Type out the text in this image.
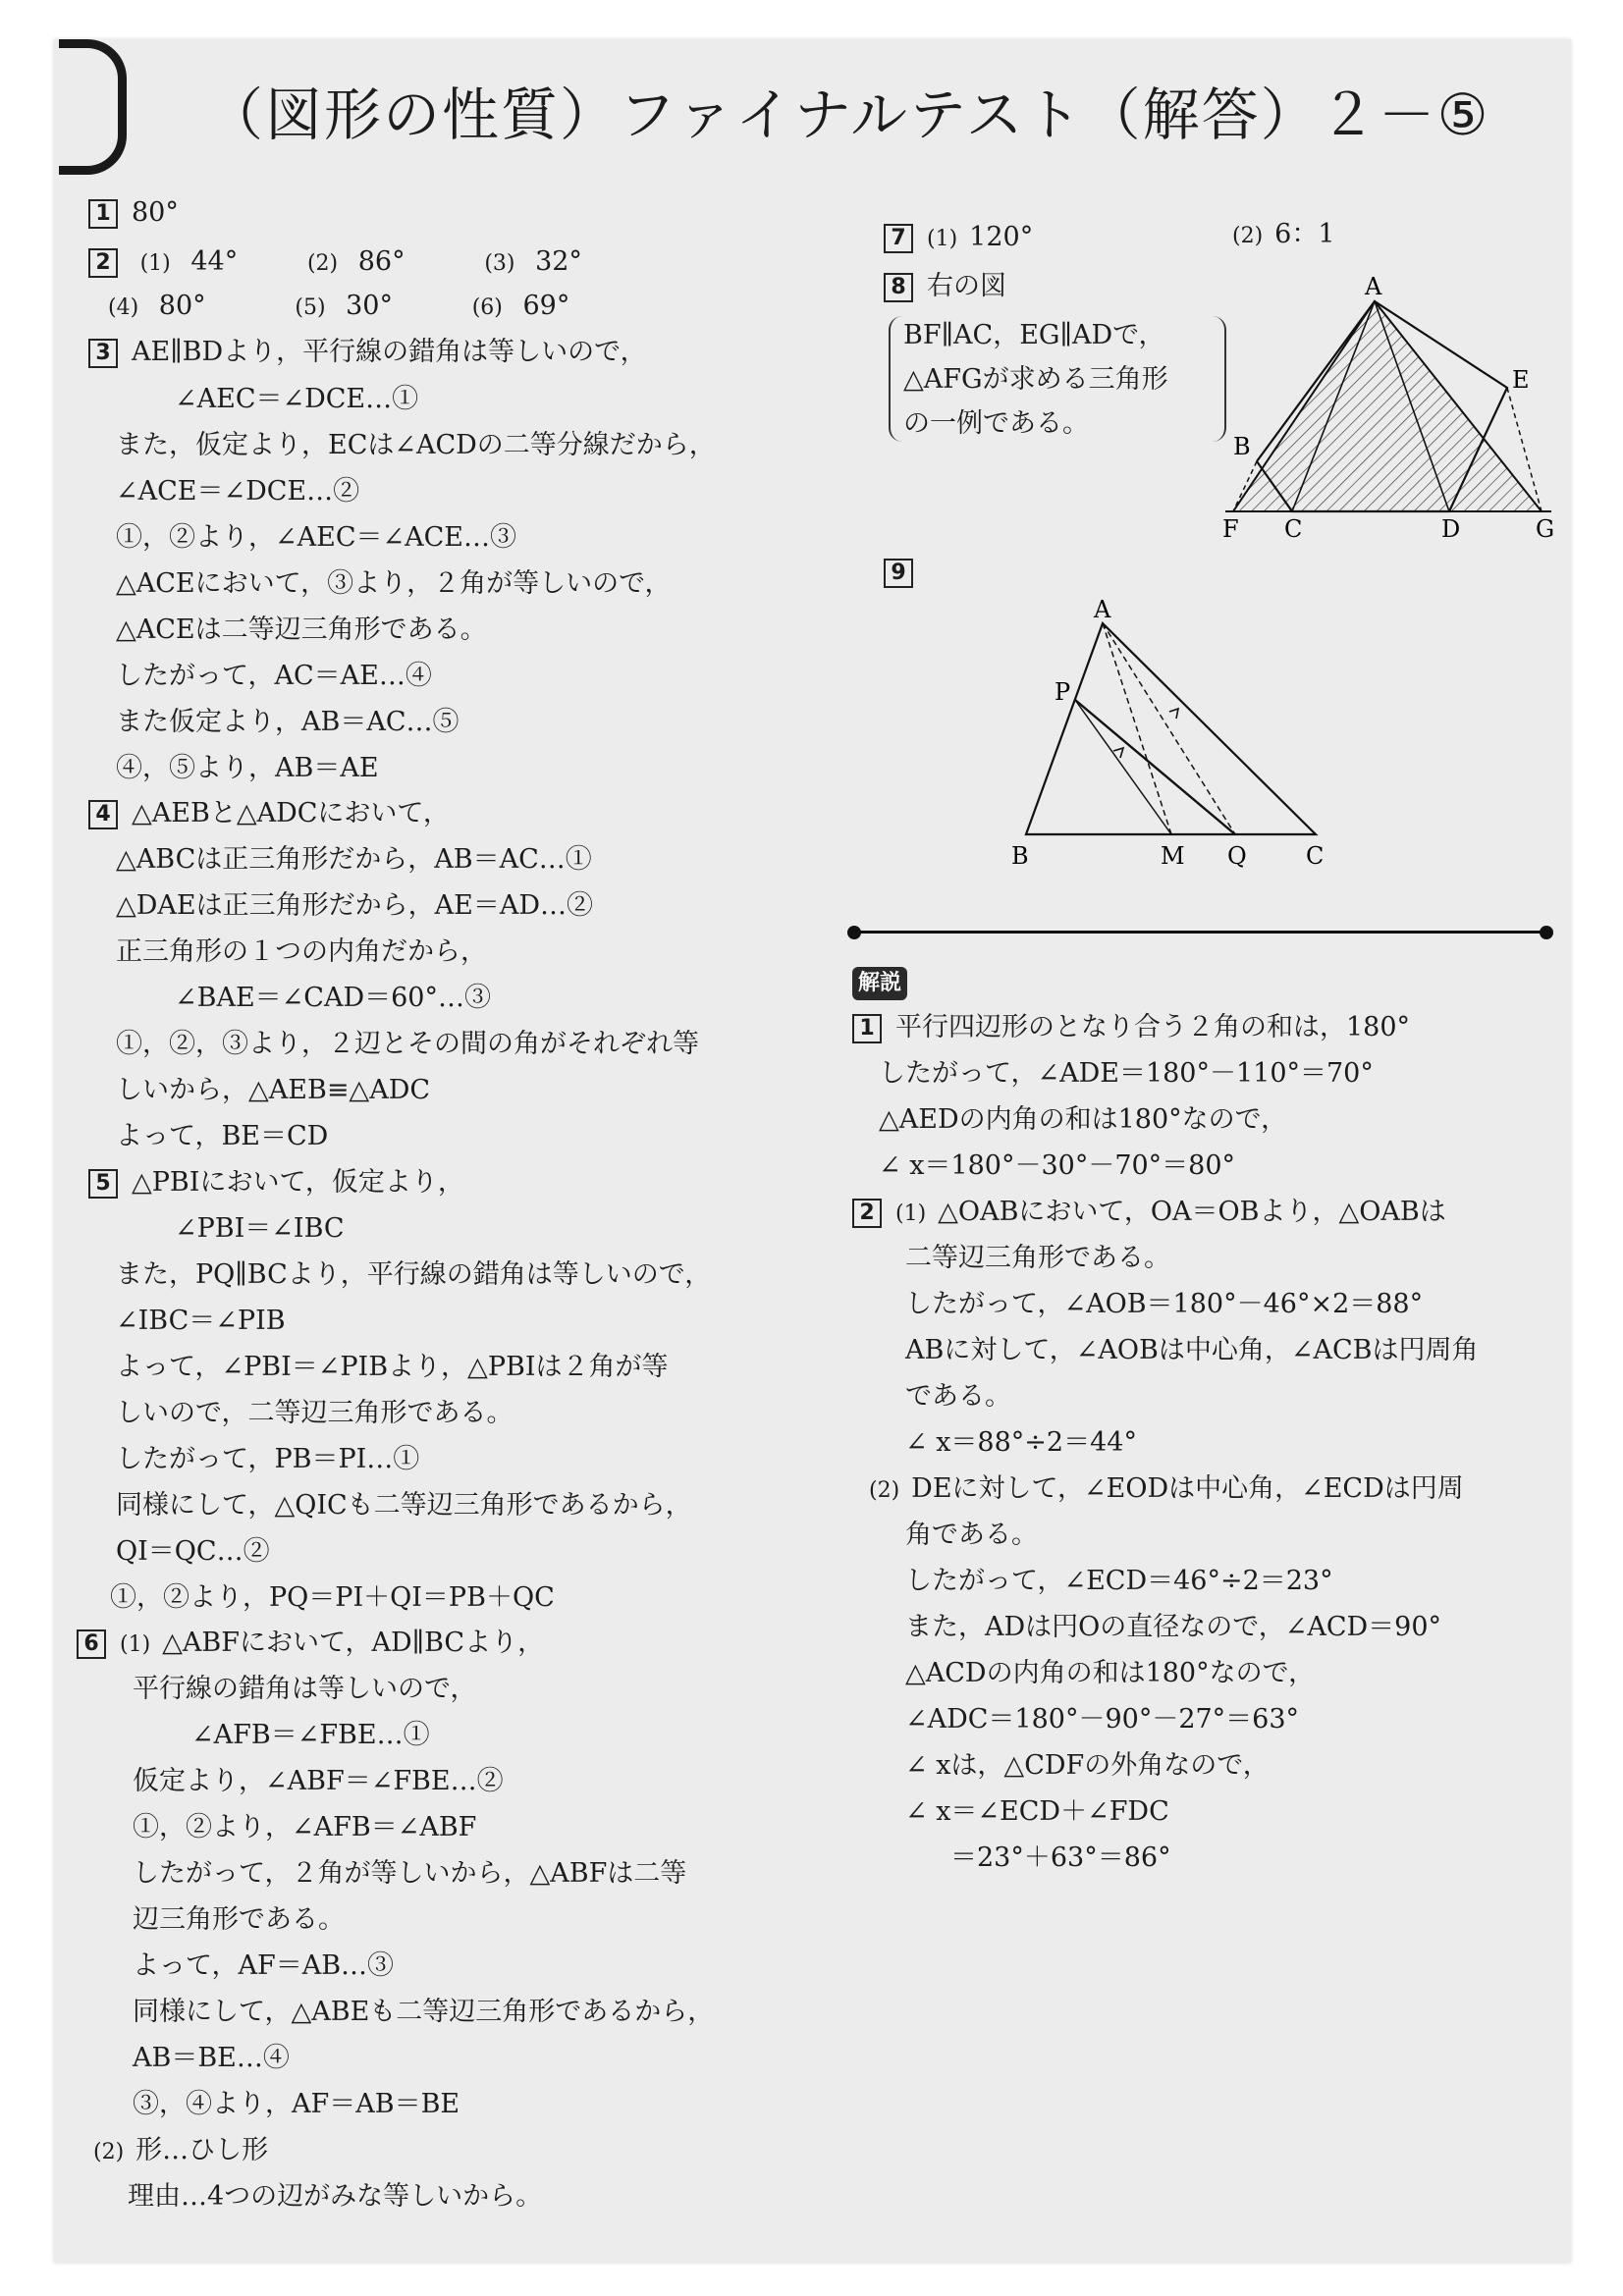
（図形の性質）ファイナルテスト（解答）２－⑤
1 80°
2 (1) 44°	(2) 86°	(3) 32°
(4) 80°	(5) 30°	(6) 69°
3 AE∥BDより，平行線の錯角は等しいので，
∠AEC＝∠DCE…①
また，仮定より，ECは∠ACDの二等分線だから，
∠ACE＝∠DCE…②
①，②より，∠AEC＝∠ACE…③
△ACEにおいて，③より，２角が等しいので，
△ACEは二等辺三角形である。
したがって，AC＝AE…④
また仮定より，AB＝AC…⑤
④，⑤より，AB＝AE
4 △AEBと△ADCにおいて，
△ABCは正三角形だから，AB＝AC…①
△DAEは正三角形だから，AE＝AD…②
正三角形の１つの内角だから，
∠BAE＝∠CAD＝60°…③
①，②，③より，２辺とその間の角がそれぞれ等
しいから，△AEB≡△ADC
よって，BE＝CD
5 △PBIにおいて，仮定より，
∠PBI＝∠IBC
また，PQ∥BCより，平行線の錯角は等しいので，
∠IBC＝∠PIB
よって，∠PBI＝∠PIBより，△PBIは２角が等
しいので，二等辺三角形である。
したがって，PB＝PI…①
同様にして，△QICも二等辺三角形であるから，
QI＝QC…②
①，②より，PQ＝PI＋QI＝PB＋QC
6 (1) △ABFにおいて，AD∥BCより，
平行線の錯角は等しいので，
∠AFB＝∠FBE…①
仮定より，∠ABF＝∠FBE…②
①，②より，∠AFB＝∠ABF
したがって，２角が等しいから，△ABFは二等
辺三角形である。
よって，AF＝AB…③
同様にして，△ABEも二等辺三角形であるから，
AB＝BE…④
③，④より，AF＝AB＝BE
(2) 形…ひし形
理由…4つの辺がみな等しいから。
7 (1) 120°	(2) 6：1
8 右の図
BF∥AC，EG∥ADで，
△AFGが求める三角形
の一例である。
A
B
E
F C	D	G
9
A
P
B	M Q	C
解説
1 平行四辺形のとなり合う２角の和は，180°
したがって，∠ADE＝180°－110°＝70°
△AEDの内角の和は180°なので，
∠ x＝180°－30°－70°＝80°
2 (1) △OABにおいて，OA＝OBより，△OABは
二等辺三角形である。
したがって，∠AOB＝180°－46°×2＝88°
ABに対して，∠AOBは中心角，∠ACBは円周角
である。
∠ x＝88°÷2＝44°
(2) DEに対して，∠EODは中心角，∠ECDは円周
角である。
したがって，∠ECD＝46°÷2＝23°
また，ADは円Oの直径なので，∠ACD＝90°
△ACDの内角の和は180°なので，
∠ADC＝180°－90°－27°＝63°
∠ xは，△CDFの外角なので，
∠ x＝∠ECD＋∠FDC
＝23°＋63°＝86°
